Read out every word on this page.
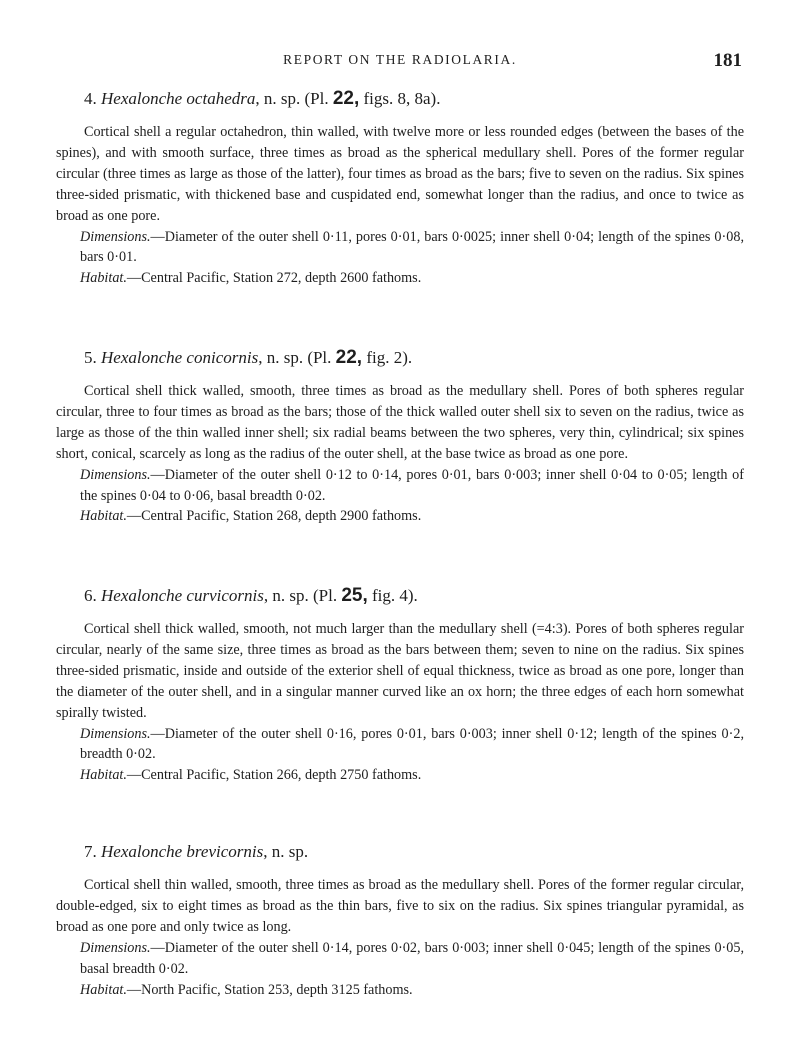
REPORT ON THE RADIOLARIA.	181

4. Hexalonche octahedra, n. sp. (Pl. 22, figs. 8, 8a).

Cortical shell a regular octahedron, thin walled, with twelve more or less rounded edges (between the bases of the spines), and with smooth surface, three times as broad as the spherical medullary shell. Pores of the former regular circular (three times as large as those of the latter), four times as broad as the bars; five to seven on the radius. Six spines three-sided prismatic, with thickened base and cuspidated end, somewhat longer than the radius, and once to twice as broad as one pore.

Dimensions.—Diameter of the outer shell 0·11, pores 0·01, bars 0·0025; inner shell 0·04; length of the spines 0·08, bars 0·01.

Habitat.—Central Pacific, Station 272, depth 2600 fathoms.

5. Hexalonche conicornis, n. sp. (Pl. 22, fig. 2).

Cortical shell thick walled, smooth, three times as broad as the medullary shell. Pores of both spheres regular circular, three to four times as broad as the bars; those of the thick walled outer shell six to seven on the radius, twice as large as those of the thin walled inner shell; six radial beams between the two spheres, very thin, cylindrical; six spines short, conical, scarcely as long as the radius of the outer shell, at the base twice as broad as one pore.

Dimensions.—Diameter of the outer shell 0·12 to 0·14, pores 0·01, bars 0·003; inner shell 0·04 to 0·05; length of the spines 0·04 to 0·06, basal breadth 0·02.

Habitat.—Central Pacific, Station 268, depth 2900 fathoms.

6. Hexalonche curvicornis, n. sp. (Pl. 25, fig. 4).

Cortical shell thick walled, smooth, not much larger than the medullary shell (=4:3). Pores of both spheres regular circular, nearly of the same size, three times as broad as the bars between them; seven to nine on the radius. Six spines three-sided prismatic, inside and outside of the exterior shell of equal thickness, twice as broad as one pore, longer than the diameter of the outer shell, and in a singular manner curved like an ox horn; the three edges of each horn somewhat spirally twisted.

Dimensions.—Diameter of the outer shell 0·16, pores 0·01, bars 0·003; inner shell 0·12; length of the spines 0·2, breadth 0·02.

Habitat.—Central Pacific, Station 266, depth 2750 fathoms.

7. Hexalonche brevicornis, n. sp.

Cortical shell thin walled, smooth, three times as broad as the medullary shell. Pores of the former regular circular, double-edged, six to eight times as broad as the thin bars, five to six on the radius. Six spines triangular pyramidal, as broad as one pore and only twice as long.

Dimensions.—Diameter of the outer shell 0·14, pores 0·02, bars 0·003; inner shell 0·045; length of the spines 0·05, basal breadth 0·02.

Habitat.—North Pacific, Station 253, depth 3125 fathoms.
